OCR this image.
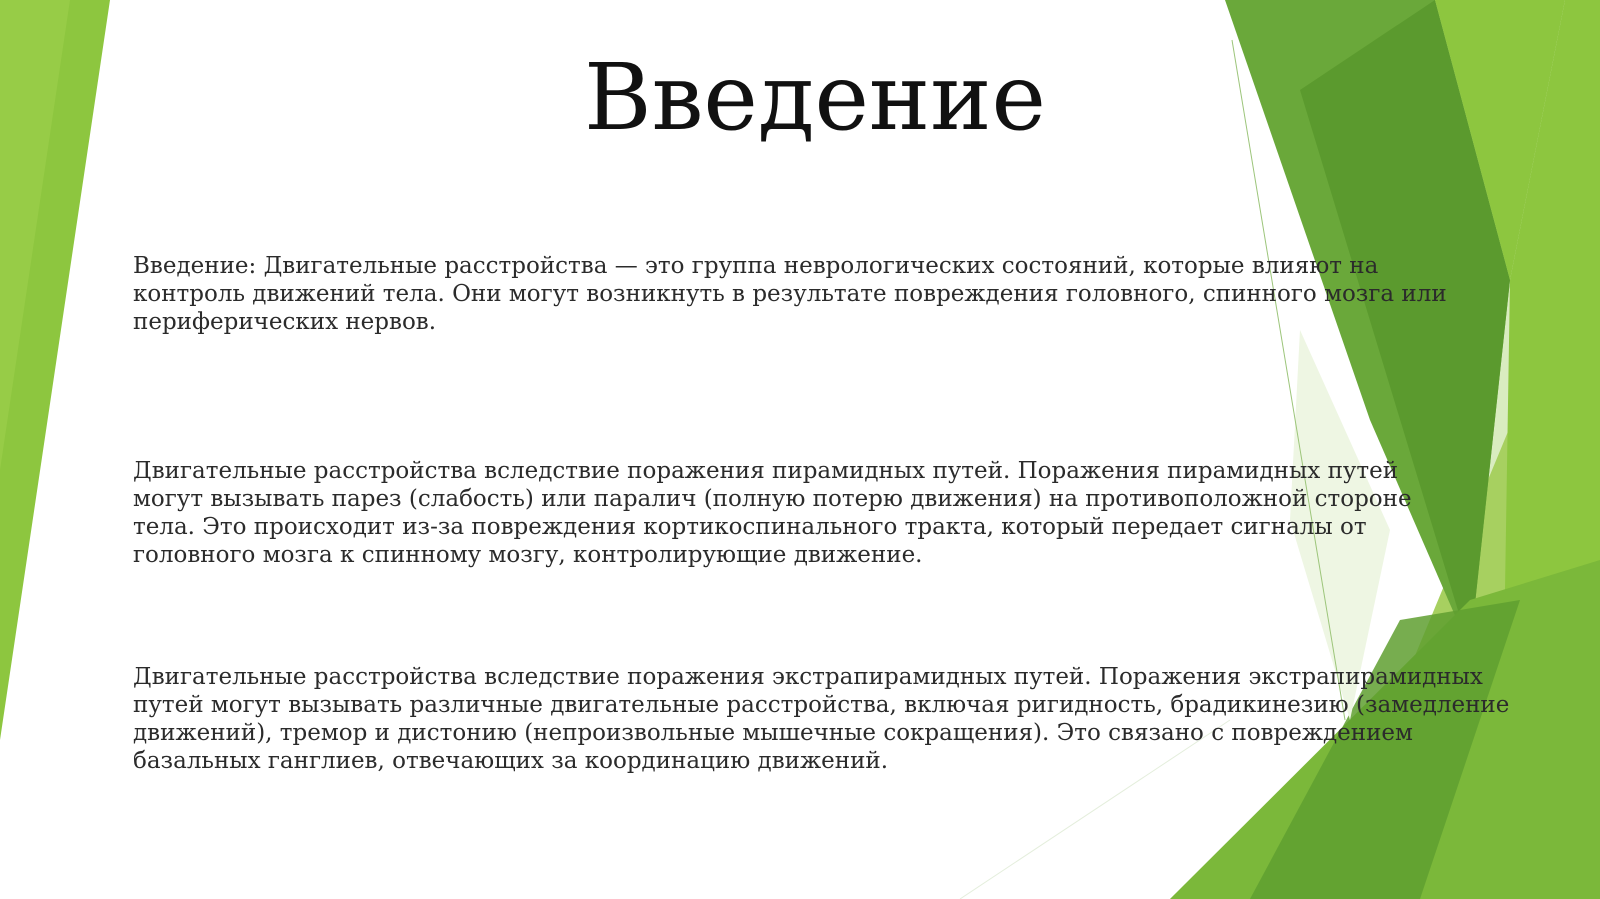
Введение

Введение: Двигательные расстройства — это группа неврологических состояний, которые влияют на контроль движений тела. Они могут возникнуть в результате повреждения головного, спинного мозга или периферических нервов.

Двигательные расстройства вследствие поражения пирамидных путей. Поражения пирамидных путей могут вызывать парез (слабость) или паралич (полную потерю движения) на противоположной стороне тела. Это происходит из-за повреждения кортикоспинального тракта, который передает сигналы от головного мозга к спинному мозгу, контролирующие движение.

Двигательные расстройства вследствие поражения экстрапирамидных путей. Поражения экстрапирамидных путей могут вызывать различные двигательные расстройства, включая ригидность, брадикинезию (замедление движений), тремор и дистонию (непроизвольные мышечные сокращения). Это связано с повреждением базальных ганглиев, отвечающих за координацию движений.
